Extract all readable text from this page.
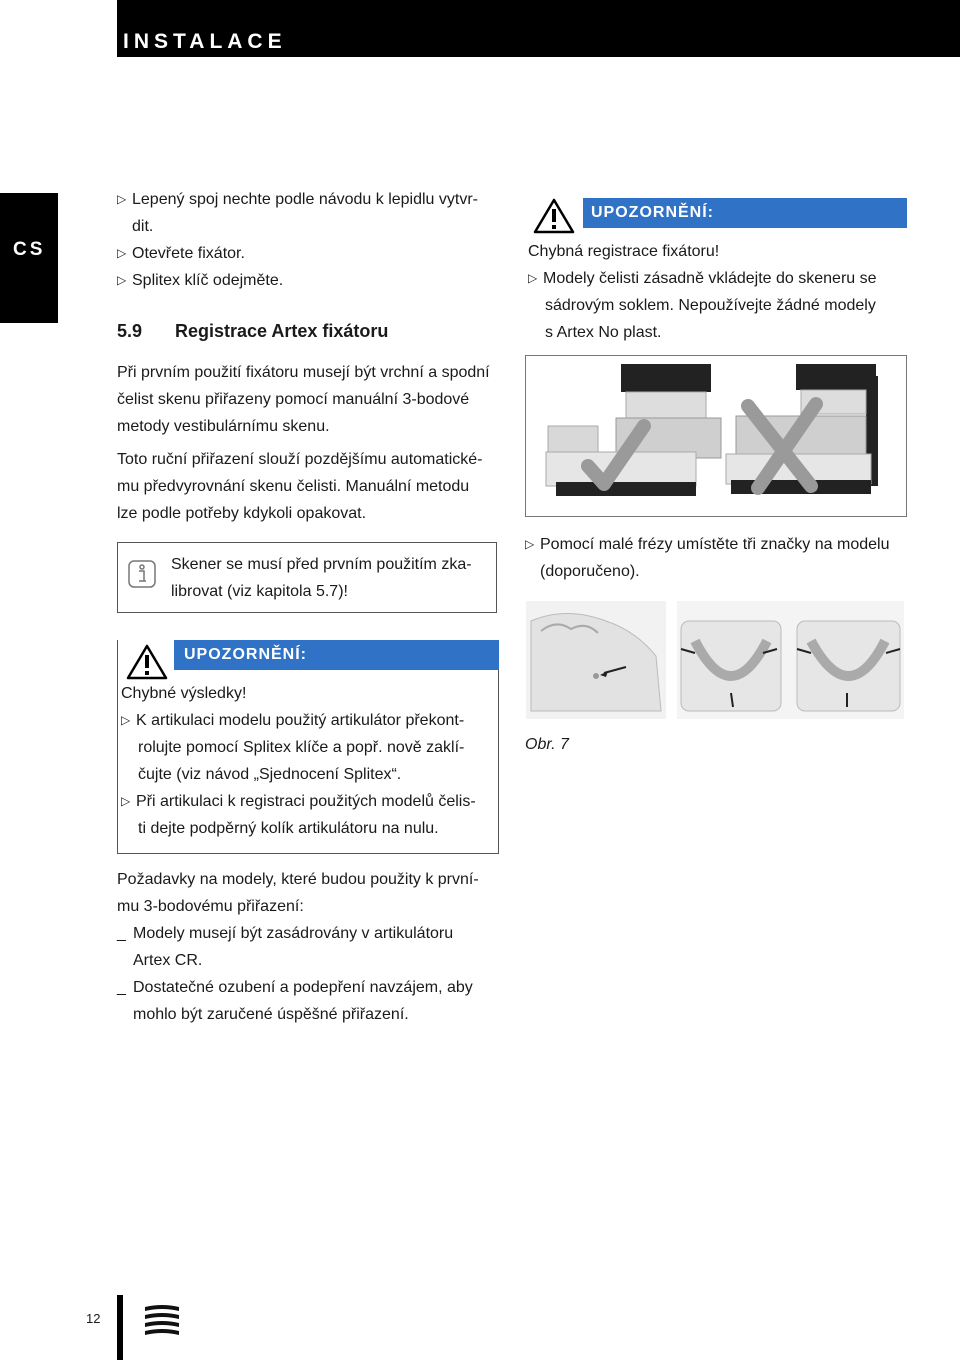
INSTALACE
CS
▷ Lepený spoj nechte podle návodu k lepidlu vytvr-
dit.
▷ Otevřete fixátor.
▷ Splitex klíč odejměte.
5.9 Registrace Artex fixátoru

Při prvním použití fixátoru musejí být vrchní a spodní

čelist skenu přiřazeny pomocí manuální 3-bodové

metody vestibulárnímu skenu.

Toto ruční přiřazení slouží pozdějšímu automatické-

mu předvyrovnání skenu čelisti. Manuální metodu

lze podle potřeby kdykoli opakovat.

Skener se musí před prvním použitím zka-

librovat (viz kapitola 5.7)!

UPOZORNĚNÍ:

Chybná registrace fixátoru!

▷ Modely čelisti zásadně vkládejte do skeneru se

sádrovým soklem. Nepoužívejte žádné modely

s Artex No plast.

▷ Pomocí malé frézy umístěte tři značky na modelu

(doporučeno).

Obr. 7
UPOZORNĚNÍ:

Chybné výsledky!

▷ K artikulaci modelu použitý artikulátor překont-

rolujte pomocí Splitex klíče a popř. nově zaklí-

čujte (viz návod „Sjednocení Splitex“.

▷ Při artikulaci k registraci použitých modelů čelis-

ti dejte podpěrný kolík artikulátoru na nulu.

Požadavky na modely, které budou použity k první-

mu 3-bodovému přiřazení:

_ Modely musejí být zasádrovány v artikulátoru

Artex CR.

_ Dostatečné ozubení a podepření navzájem, aby

mohlo být zaručené úspěšné přiřazení.

12
